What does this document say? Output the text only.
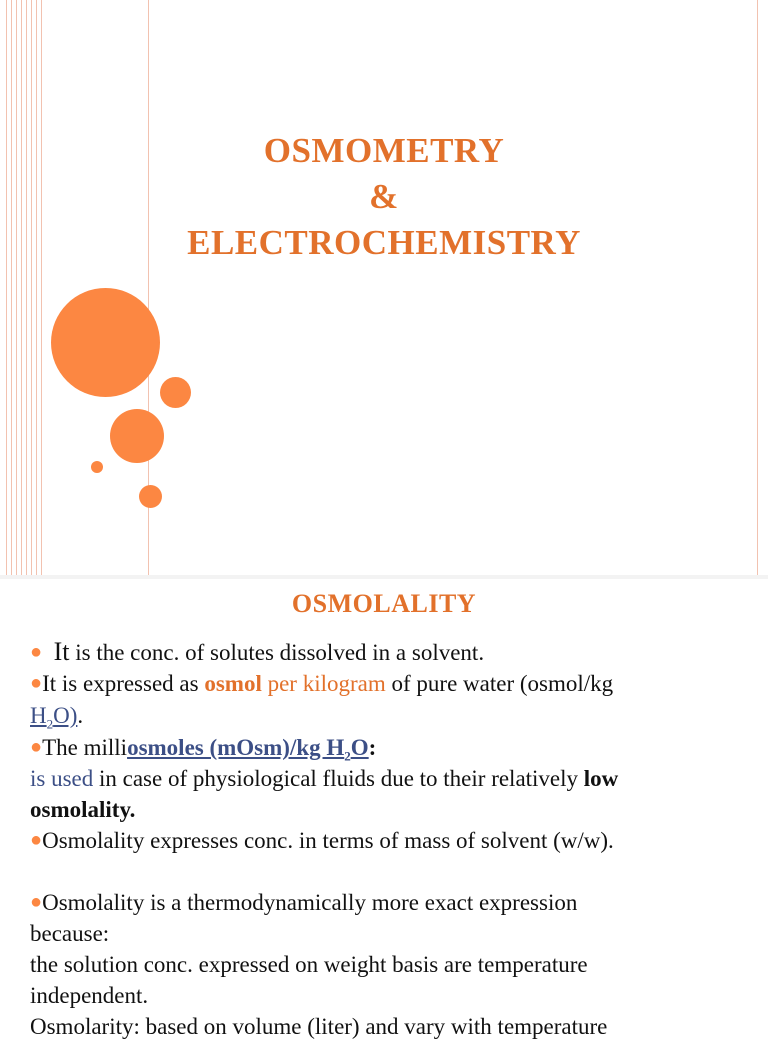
OSMOMETRY
&
ELECTROCHEMISTRY
OSMOLALITY
● It is the conc. of solutes dissolved in a solvent.
●It is expressed as osmol per kilogram of pure water (osmol/kg
$H_2O$).
●The milliosmoles (mOsm)/kg $H_2O$:
is used in case of physiological fluids due to their relatively low
osmolality.
●Osmolality expresses conc. in terms of mass of solvent (w/w).
●Osmolality is a thermodynamically more exact expression
because:
the solution conc. expressed on weight basis are temperature
independent.
Osmolarity: based on volume (liter) and vary with temperature
